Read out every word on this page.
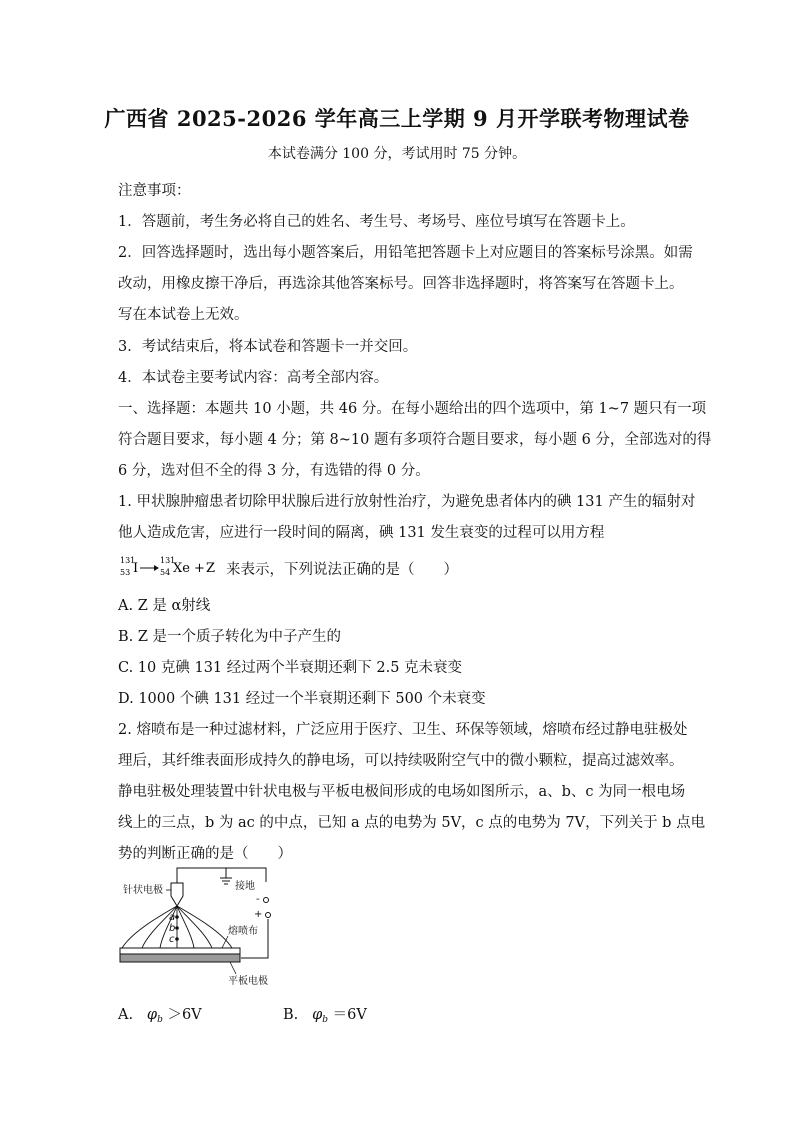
广西省 2025-2026 学年高三上学期 9 月开学联考物理试卷
本试卷满分 100 分，考试用时 75 分钟。
注意事项：
1．答题前，考生务必将自己的姓名、考生号、考场号、座位号填写在答题卡上。
2．回答选择题时，选出每小题答案后，用铅笔把答题卡上对应题目的答案标号涂黑。如需
改动，用橡皮擦干净后，再选涂其他答案标号。回答非选择题时，将答案写在答题卡上。
写在本试卷上无效。
3．考试结束后，将本试卷和答题卡一并交回。
4．本试卷主要考试内容：高考全部内容。
一、选择题：本题共 10 小题，共 46 分。在每小题给出的四个选项中，第 1~7 题只有一项
符合题目要求，每小题 4 分；第 8~10 题有多项符合题目要求，每小题 6 分，全部选对的得
6 分，选对但不全的得 3 分，有选错的得 0 分。
1. 甲状腺肿瘤患者切除甲状腺后进行放射性治疗，为避免患者体内的碘 131 产生的辐射对
他人造成危害，应进行一段时间的隔离，碘 131 发生衰变的过程可以用方程
131
53 I
131
54 Xe + Z 来表示，下列说法正确的是（　　）
A. Z 是 α射线
B. Z 是一个质子转化为中子产生的
C. 10 克碘 131 经过两个半衰期还剩下 2.5 克未衰变
D. 1000 个碘 131 经过一个半衰期还剩下 500 个未衰变
2. 熔喷布是一种过滤材料，广泛应用于医疗、卫生、环保等领域，熔喷布经过静电驻极处
理后，其纤维表面形成持久的静电场，可以持续吸附空气中的微小颗粒，提高过滤效率。
静电驻极处理装置中针状电极与平板电极间形成的电场如图所示，a、b、c 为同一根电场
线上的三点，b 为 ac 的中点，已知 a 点的电势为 5V，c 点的电势为 7V，下列关于 b 点电
势的判断正确的是（　　）
接地
-
+
针状电极
a
b
c
熔喷布
平板电极
A. $\varphi_b >6V$	B. $\varphi_b =6V$
